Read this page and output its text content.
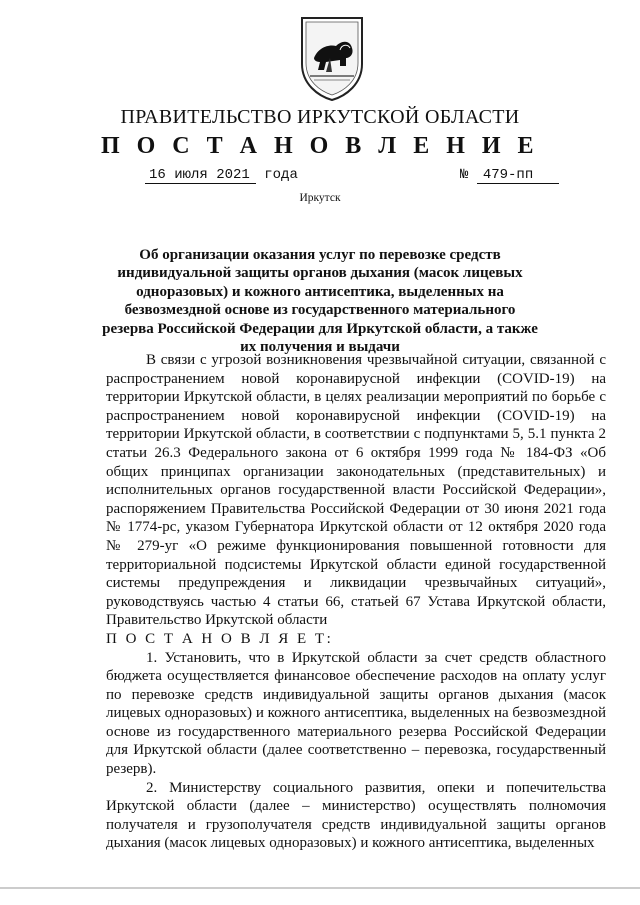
ПРАВИТЕЛЬСТВО ИРКУТСКОЙ ОБЛАСТИ
П О С Т А Н О В Л Е Н И Е
16 июля 2021 года	№ 479-пп
Иркутск
Об организации оказания услуг по перевозке средств индивидуальной защиты органов дыхания (масок лицевых одноразовых) и кожного антисептика, выделенных на безвозмездной основе из государственного материального резерва Российской Федерации для Иркутской области, а также их получения и выдачи

В связи с угрозой возникновения чрезвычайной ситуации, связанной с распространением новой коронавирусной инфекции (COVID-19) на территории Иркутской области, в целях реализации мероприятий по борьбе с распространением новой коронавирусной инфекции (COVID-19) на территории Иркутской области, в соответствии с подпунктами 5, 5.1 пункта 2 статьи 26.3 Федерального закона от 6 октября 1999 года № 184-ФЗ «Об общих принципах организации законодательных (представительных) и исполнительных органов государственной власти Российской Федерации», распоряжением Правительства Российской Федерации от 30 июня 2021 года № 1774-рс, указом Губернатора Иркутской области от 12 октября 2020 года № 279-уг «О режиме функционирования повышенной готовности для территориальной подсистемы Иркутской области единой государственной системы предупреждения и ликвидации чрезвычайных ситуаций», руководствуясь частью 4 статьи 66, статьей 67 Устава Иркутской области, Правительство Иркутской области

П О С Т А Н О В Л Я Е Т:

1. Установить, что в Иркутской области за счет средств областного бюджета осуществляется финансовое обеспечение расходов на оплату услуг по перевозке средств индивидуальной защиты органов дыхания (масок лицевых одноразовых) и кожного антисептика, выделенных на безвозмездной основе из государственного материального резерва Российской Федерации для Иркутской области (далее соответственно – перевозка, государственный резерв).

2. Министерству социального развития, опеки и попечительства Иркутской области (далее – министерство) осуществлять полномочия получателя и грузополучателя средств индивидуальной защиты органов дыхания (масок лицевых одноразовых) и кожного антисептика, выделенных
